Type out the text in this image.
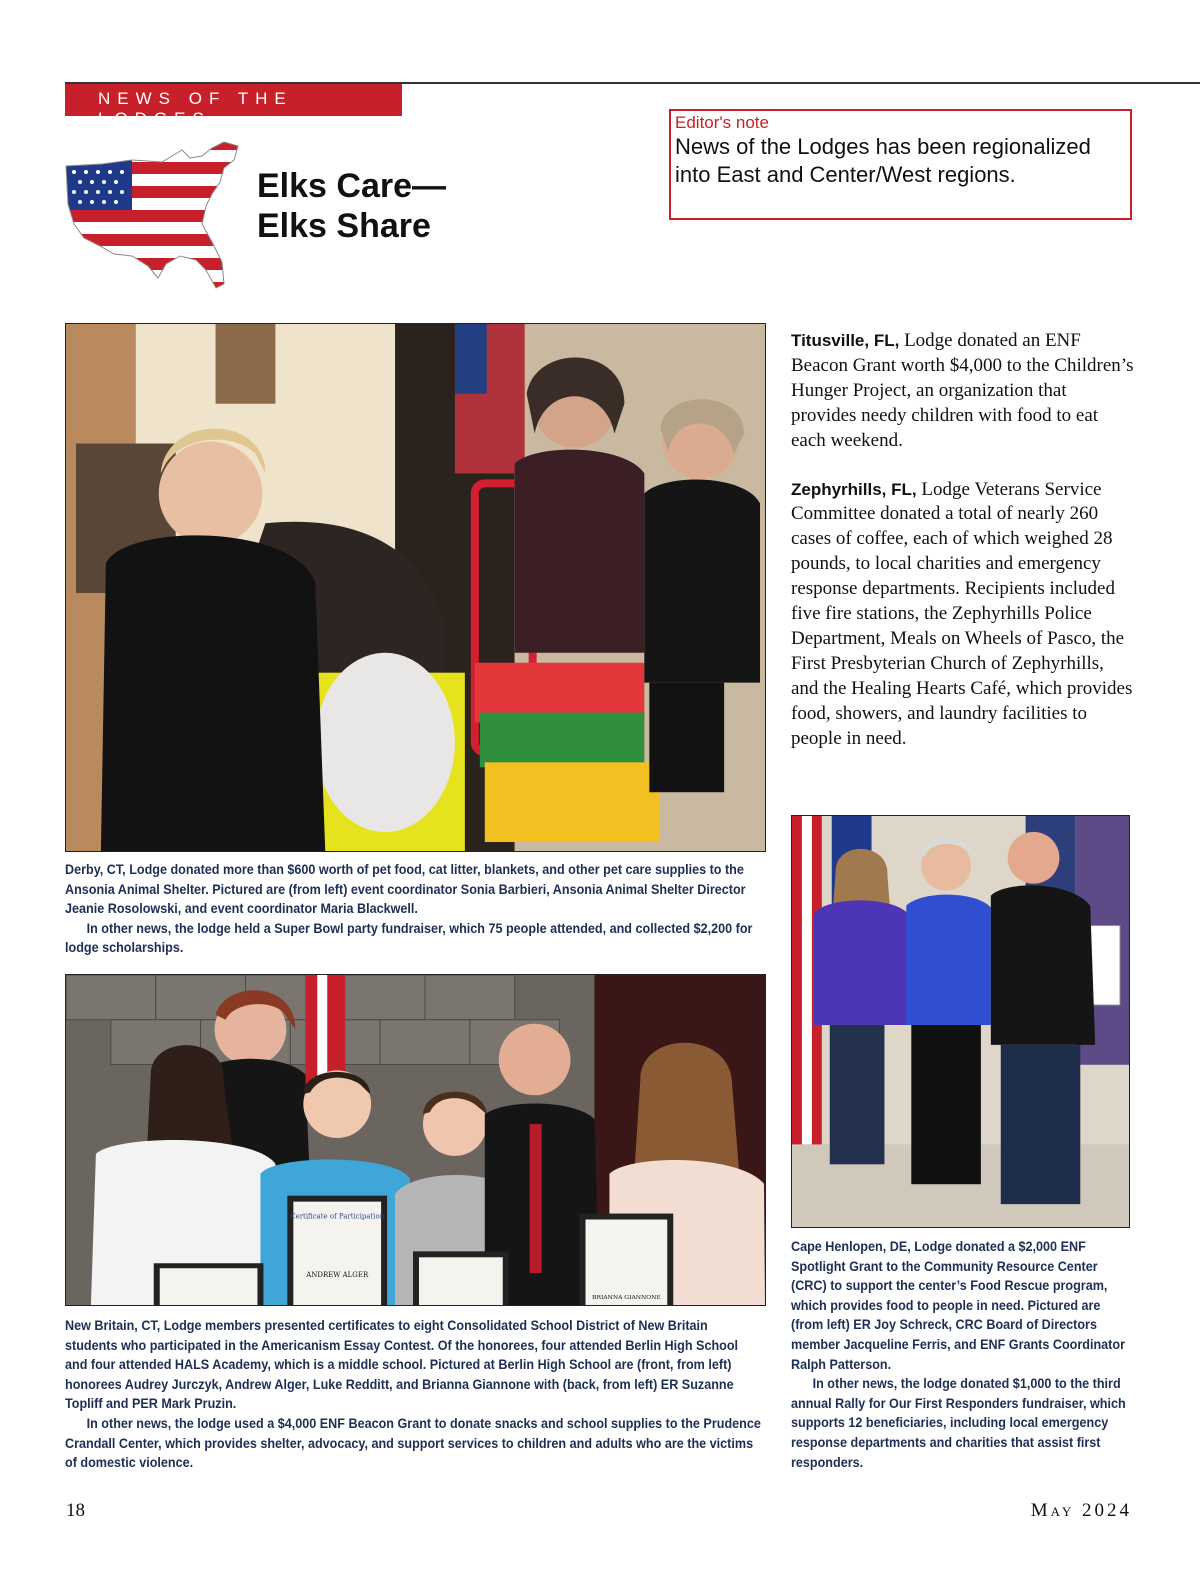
NEWS OF THE LODGES
Elks Care—
Elks Share
Editor's note
News of the Lodges has been regionalized into East and Center/West regions.

Derby, CT, Lodge donated more than $600 worth of pet food, cat litter, blankets, and other pet care supplies to the Ansonia Animal Shelter. Pictured are (from left) event coordinator Sonia Barbieri, Ansonia Animal Shelter Director Jeanie Rosolowski, and event coordinator Maria Blackwell.

In other news, the lodge held a Super Bowl party fundraiser, which 75 people attended, and collected $2,200 for lodge scholarships.

Certificate of Participation
ANDREW ALGER
BRIANNA GIANNONE

New Britain, CT, Lodge members presented certificates to eight Consolidated School District of New Britain students who participated in the Americanism Essay Contest. Of the honorees, four attended Berlin High School and four attended HALS Academy, which is a middle school. Pictured at Berlin High School are (front, from left) honorees Audrey Jurczyk, Andrew Alger, Luke Redditt, and Brianna Giannone with (back, from left) ER Suzanne Topliff and PER Mark Pruzin.

In other news, the lodge used a $4,000 ENF Beacon Grant to donate snacks and school supplies to the Prudence Crandall Center, which provides shelter, advocacy, and support services to children and adults who are the victims of domestic violence.

Titusville, FL, Lodge donated an ENF Beacon Grant worth $4,000 to the Children’s Hunger Project, an organization that provides needy children with food to eat each weekend.

Zephyrhills, FL, Lodge Veterans Service Committee donated a total of nearly 260 cases of coffee, each of which weighed 28 pounds, to local charities and emergency response departments. Recipients included five fire stations, the Zephyrhills Police Department, Meals on Wheels of Pasco, the First Presbyterian Church of Zephyrhills, and the Healing Hearts Café, which provides food, showers, and laundry facilities to people in need.

Cape Henlopen, DE, Lodge donated a $2,000 ENF Spotlight Grant to the Community Resource Center (CRC) to support the center’s Food Rescue program, which provides food to people in need. Pictured are (from left) ER Joy Schreck, CRC Board of Directors member Jacqueline Ferris, and ENF Grants Coordinator Ralph Patterson.

In other news, the lodge donated $1,000 to the third annual Rally for Our First Responders fundraiser, which supports 12 beneficiaries, including local emergency response departments and charities that assist first responders.

18	May 2024
